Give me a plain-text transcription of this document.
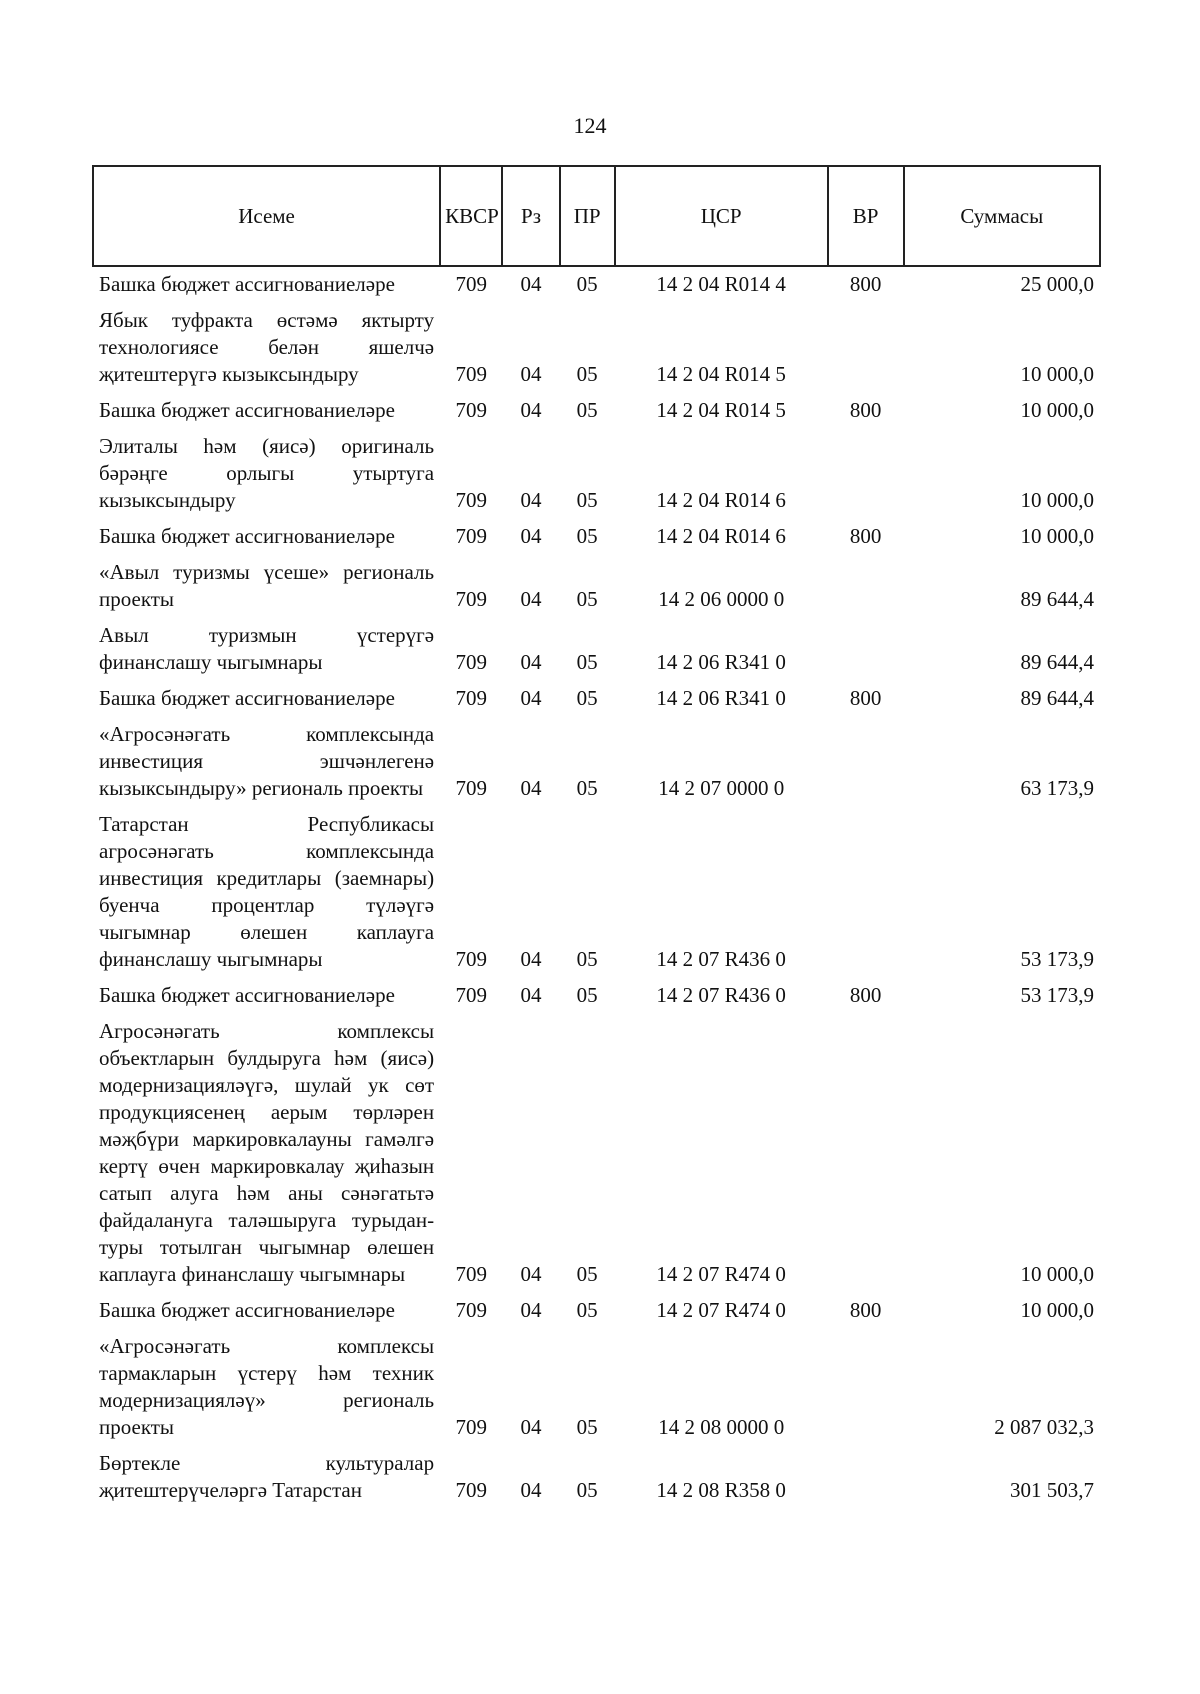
124
Исеме	КВСР	Рз	ПР	ЦСР	ВР	Суммасы
Башка бюджет ассигнованиеләре	709	04	05	14 2 04 R014 4	800	25 000,0
Ябык туфракта өстәмә яктырту технологиясе белән яшелчә җитештерүгә кызыксындыру	709	04	05	14 2 04 R014 5		10 000,0
Башка бюджет ассигнованиеләре	709	04	05	14 2 04 R014 5	800	10 000,0
Элиталы һәм (яисә) оригиналь бәрәңге орлыгы утыртуга кызыксындыру	709	04	05	14 2 04 R014 6		10 000,0
Башка бюджет ассигнованиеләре	709	04	05	14 2 04 R014 6	800	10 000,0
«Авыл туризмы үсеше» региональ проекты	709	04	05	14 2 06 0000 0		89 644,4
Авыл туризмын үстерүгә финанслашу чыгымнары	709	04	05	14 2 06 R341 0		89 644,4
Башка бюджет ассигнованиеләре	709	04	05	14 2 06 R341 0	800	89 644,4
«Агросәнәгать комплексында инвестиция эшчәнлегенә кызыксындыру» региональ проекты	709	04	05	14 2 07 0000 0		63 173,9
Татарстан Республикасы агросәнәгать комплексында инвестиция кредитлары (заемнары) буенча процентлар түләүгә чыгымнар өлешен каплауга финанслашу чыгымнары	709	04	05	14 2 07 R436 0		53 173,9
Башка бюджет ассигнованиеләре	709	04	05	14 2 07 R436 0	800	53 173,9
Агросәнәгать комплексы объектларын булдыруга һәм (яисә) модернизацияләүгә, шулай ук сөт продукциясенең аерым төрләрен мәҗбүри маркировкалауны гамәлгә кертү өчен маркировкалау җиһазын сатып алуга һәм аны сәнәгатьтә файдалануга таләшыруга турыдан-туры тотылган чыгымнар өлешен каплауга финанслашу чыгымнары	709	04	05	14 2 07 R474 0		10 000,0
Башка бюджет ассигнованиеләре	709	04	05	14 2 07 R474 0	800	10 000,0
«Агросәнәгать комплексы тармакларын үстерү һәм техник модернизацияләү» региональ проекты	709	04	05	14 2 08 0000 0		2 087 032,3
Бөртекле культуралар җитештерүчеләргә Татарстан	709	04	05	14 2 08 R358 0		301 503,7
